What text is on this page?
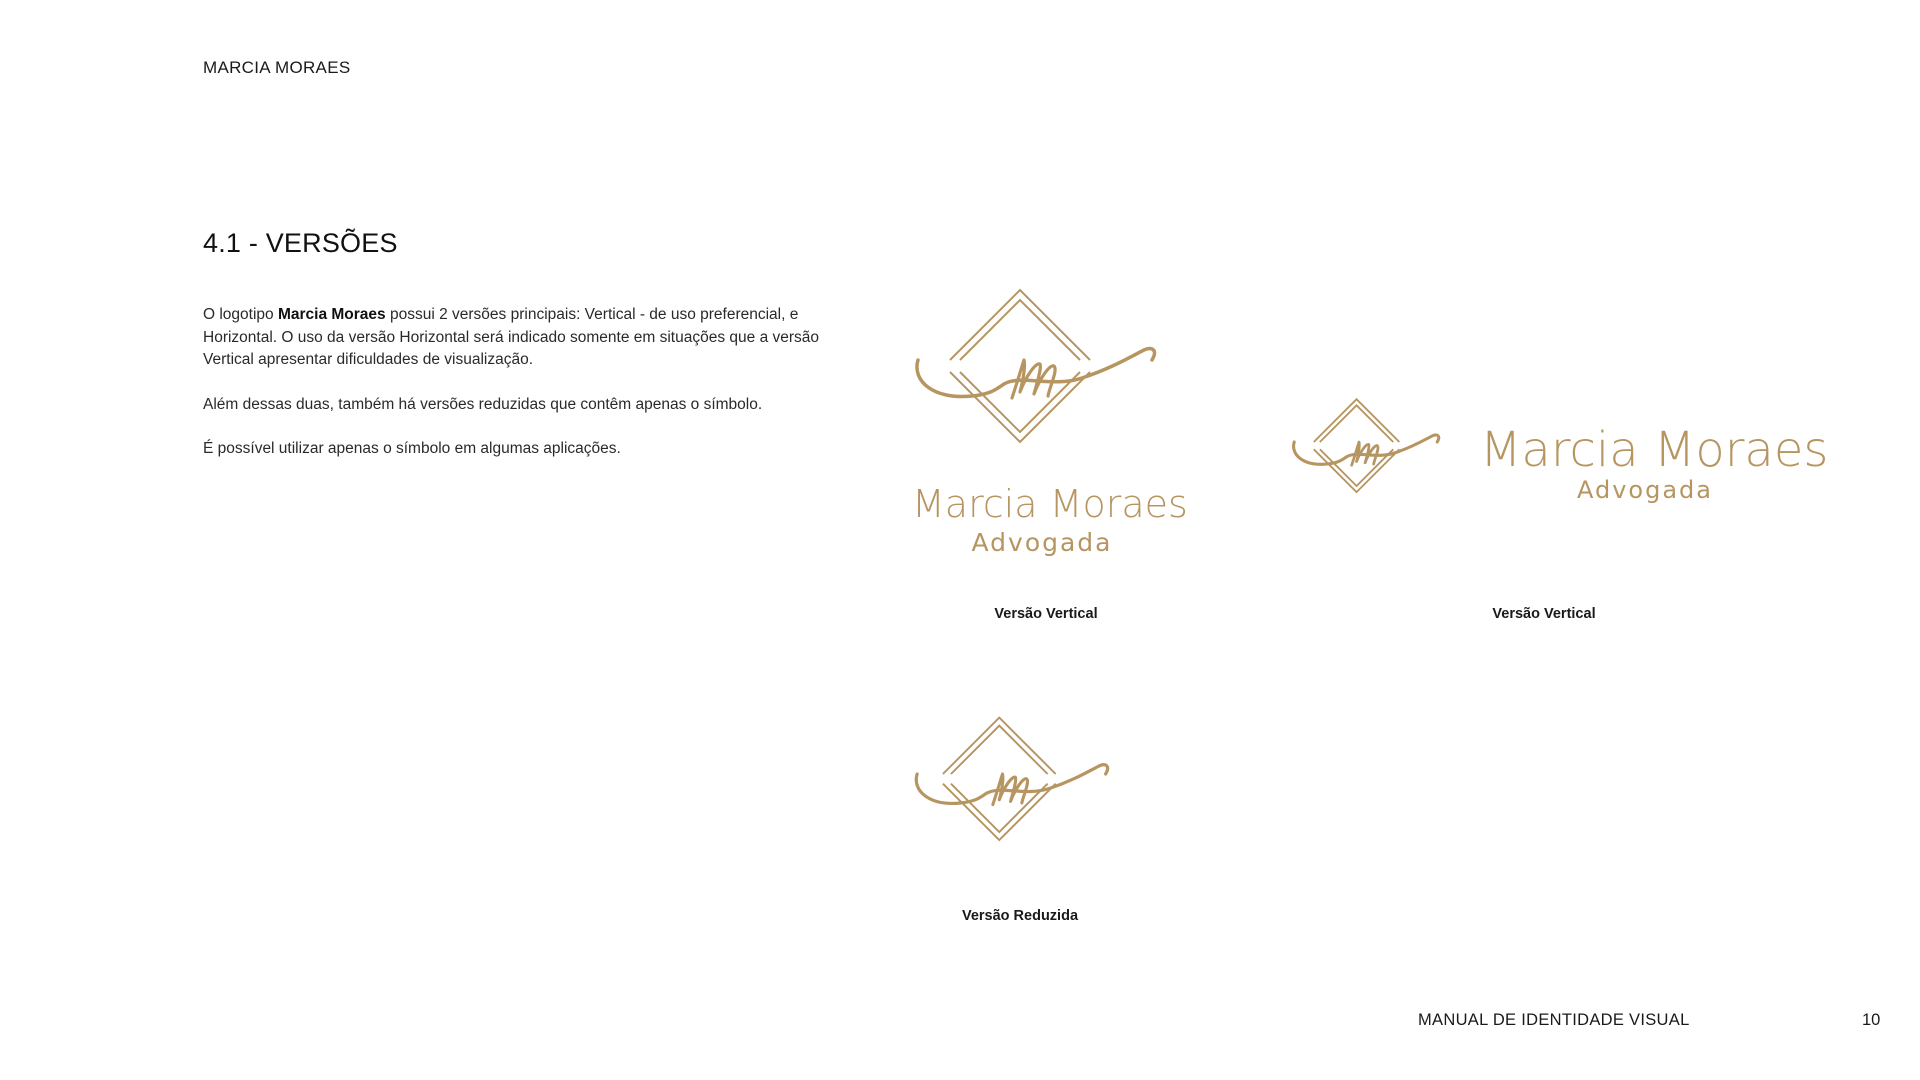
MARCIA MORAES
4.1 - VERSÕES

O logotipo Marcia Moraes possui 2 versões principais: Vertical - de uso preferencial, e Horizontal. O uso da versão Horizontal será indicado somente em situações que a versão Vertical apresentar dificuldades de visualização.

Além dessas duas, também há versões reduzidas que contêm apenas o símbolo.

É possível utilizar apenas o símbolo em algumas aplicações.

Marcia Moraes
Advogada
Versão Vertical
Marcia Moraes
Advogada
Versão Vertical
Versão Reduzida
MANUAL DE IDENTIDADE VISUAL	10
